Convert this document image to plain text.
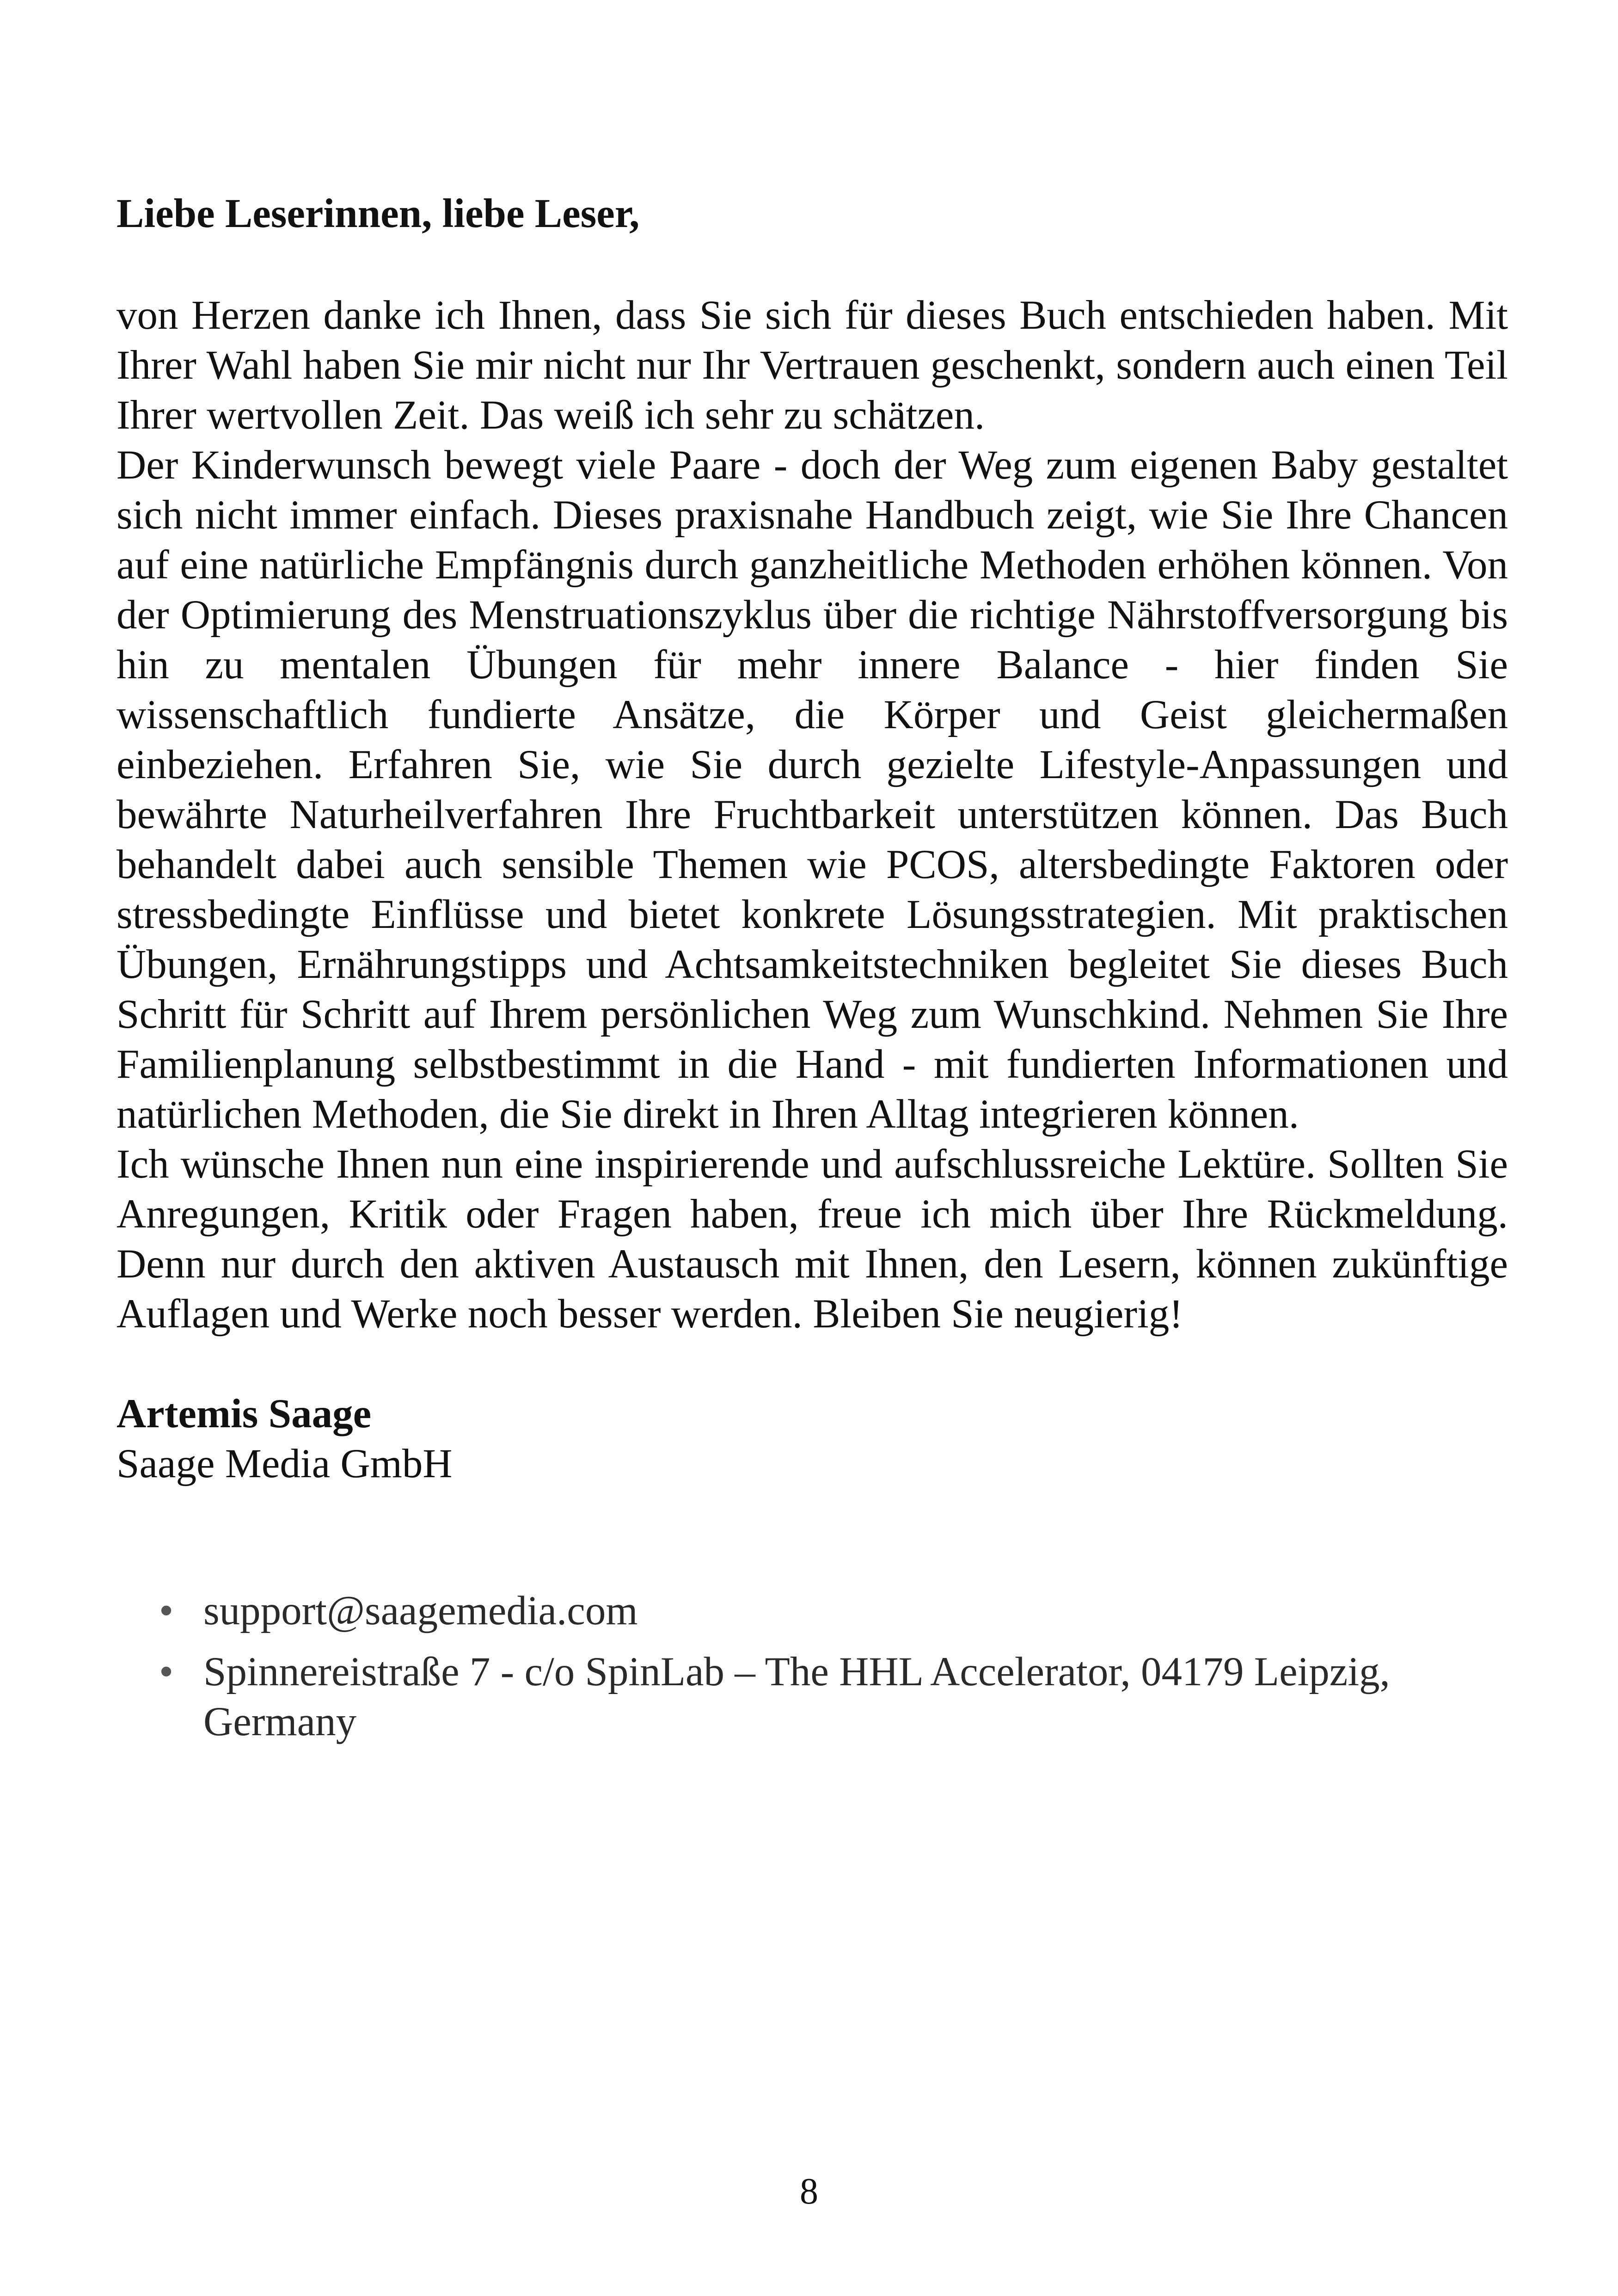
Liebe Leserinnen, liebe Leser,

von Herzen danke ich Ihnen, dass Sie sich für dieses Buch entschieden haben. Mit Ihrer Wahl haben Sie mir nicht nur Ihr Vertrauen geschenkt, sondern auch einen Teil Ihrer wertvollen Zeit. Das weiß ich sehr zu schätzen.

Der Kinderwunsch bewegt viele Paare - doch der Weg zum eigenen Baby gestaltet sich nicht immer einfach. Dieses praxisnahe Handbuch zeigt, wie Sie Ihre Chancen auf eine natürliche Empfängnis durch ganzheitliche Methoden erhöhen können. Von der Optimierung des Menstruationszyklus über die richtige Nährstoffversorgung bis hin zu mentalen Übungen für mehr innere Balance - hier finden Sie wissenschaftlich fundierte Ansätze, die Körper und Geist gleichermaßen einbeziehen. Erfahren Sie, wie Sie durch gezielte Lifestyle-Anpassungen und bewährte Naturheilverfahren Ihre Fruchtbarkeit unterstützen können. Das Buch behandelt dabei auch sensible Themen wie PCOS, altersbedingte Faktoren oder stressbedingte Einflüsse und bietet konkrete Lösungsstrategien. Mit praktischen Übungen, Ernährungstipps und Achtsamkeitstechniken begleitet Sie dieses Buch Schritt für Schritt auf Ihrem persönlichen Weg zum Wunschkind. Nehmen Sie Ihre Familienplanung selbstbestimmt in die Hand - mit fundierten Informationen und natürlichen Methoden, die Sie direkt in Ihren Alltag integrieren können.

Ich wünsche Ihnen nun eine inspirierende und aufschlussreiche Lektüre. Sollten Sie Anregungen, Kritik oder Fragen haben, freue ich mich über Ihre Rückmeldung. Denn nur durch den aktiven Austausch mit Ihnen, den Lesern, können zukünftige Auflagen und Werke noch besser werden. Bleiben Sie neugierig!

Artemis Saage

Saage Media GmbH

• support@saagemedia.com
• Spinnereistraße 7 - c/o SpinLab – The HHL Accelerator, 04179 Leipzig, Germany
8
